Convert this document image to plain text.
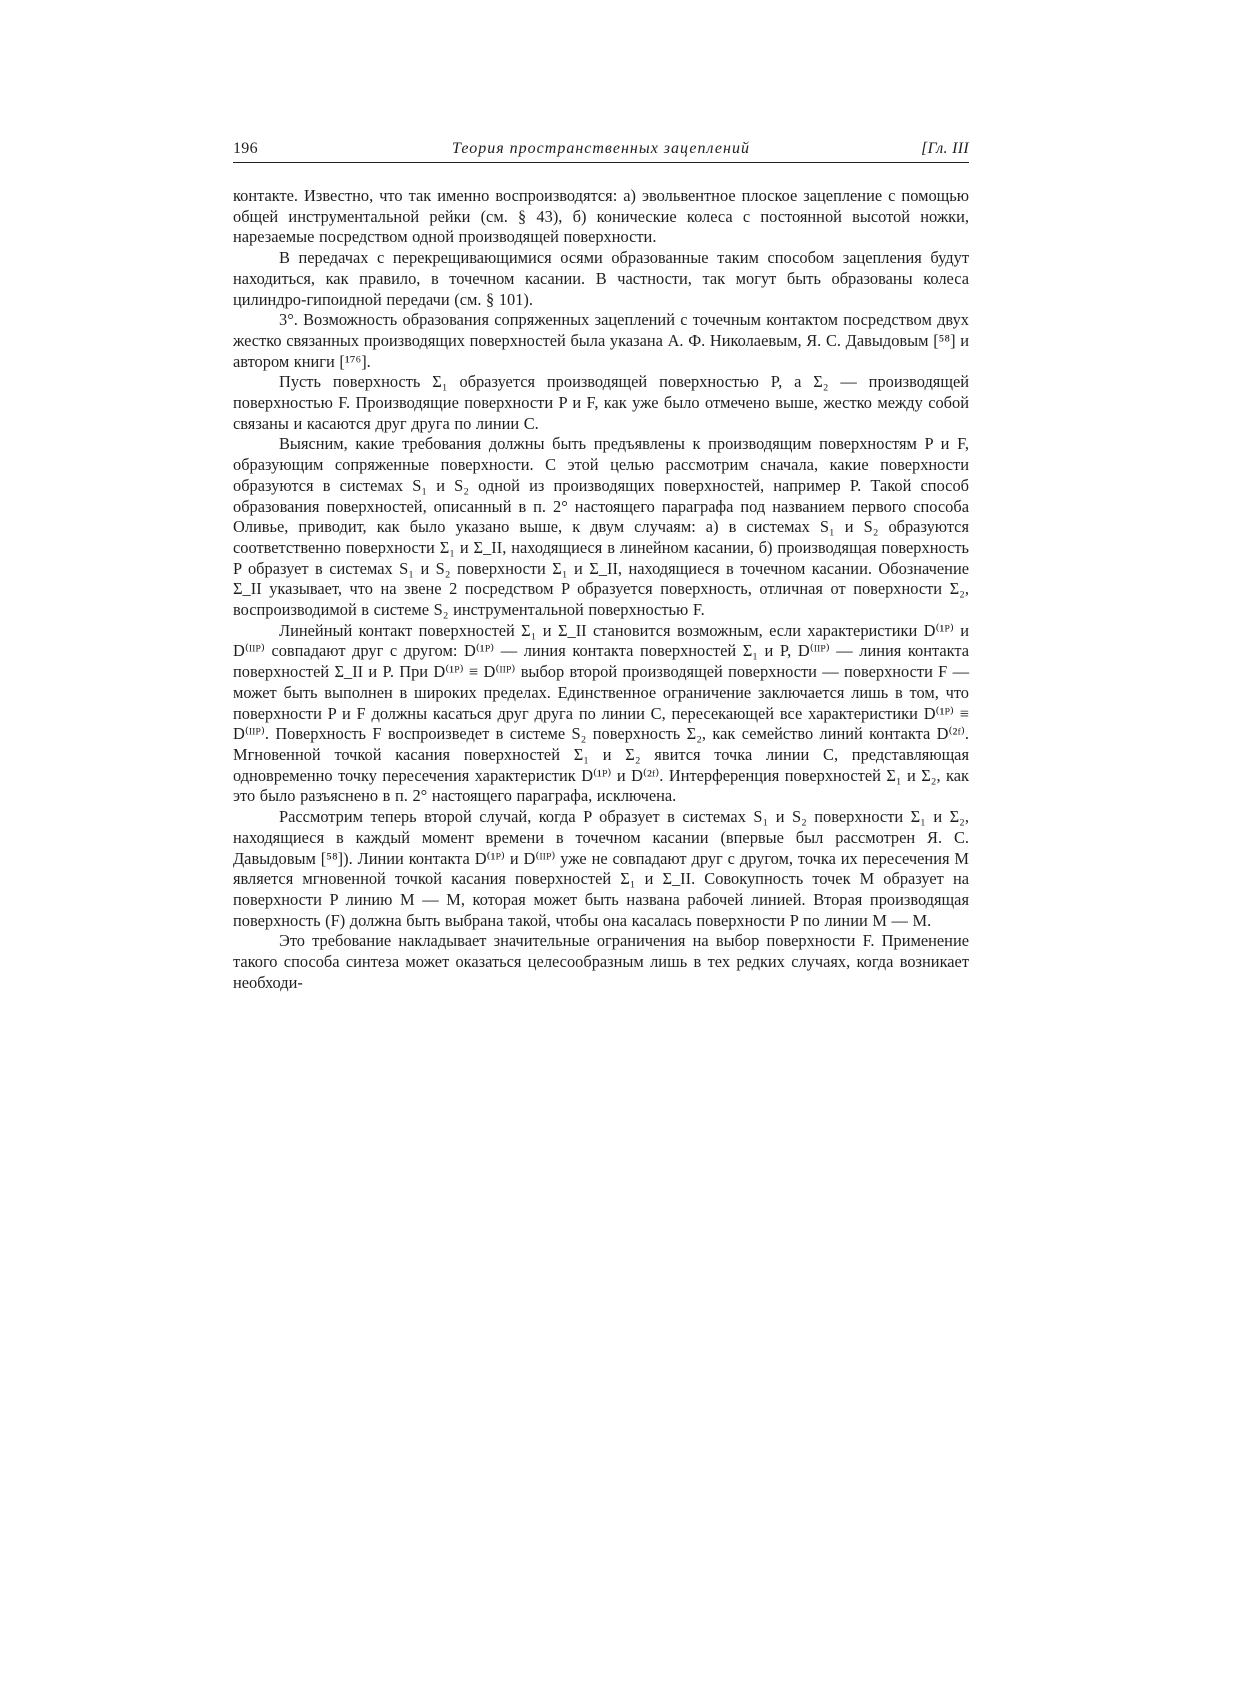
196	Теория пространственных зацеплений	[Гл. III

контакте. Известно, что так именно воспроизводятся: а) эвольвентное плоское зацепление с помощью общей инструментальной рейки (см. § 43), б) конические колеса с постоянной высотой ножки, нарезаемые посредством одной производящей поверхности.

В передачах с перекрещивающимися осями образованные таким способом зацепления будут находиться, как правило, в точечном касании. В частности, так могут быть образованы колеса цилиндро-гипоидной передачи (см. § 101).

3°. Возможность образования сопряженных зацеплений с точечным контактом посредством двух жестко связанных производящих поверхностей была указана А. Ф. Николаевым, Я. С. Давыдовым [⁵⁸] и автором книги [¹⁷⁶].

Пусть поверхность Σ₁ образуется производящей поверхностью P, а Σ₂ — производящей поверхностью F. Производящие поверхности P и F, как уже было отмечено выше, жестко между собой связаны и касаются друг друга по линии C.

Выясним, какие требования должны быть предъявлены к производящим поверхностям P и F, образующим сопряженные поверхности. С этой целью рассмотрим сначала, какие поверхности образуются в системах S₁ и S₂ одной из производящих поверхностей, например P. Такой способ образования поверхностей, описанный в п. 2° настоящего параграфа под названием первого способа Оливье, приводит, как было указано выше, к двум случаям: а) в системах S₁ и S₂ образуются соответственно поверхности Σ₁ и Σ_II, находящиеся в линейном касании, б) производящая поверхность P образует в системах S₁ и S₂ поверхности Σ₁ и Σ_II, находящиеся в точечном касании. Обозначение Σ_II указывает, что на звене 2 посредством P образуется поверхность, отличная от поверхности Σ₂, воспроизводимой в системе S₂ инструментальной поверхностью F.

Линейный контакт поверхностей Σ₁ и Σ_II становится возможным, если характеристики D⁽¹ᴾ⁾ и D⁽ᴵᴵᴾ⁾ совпадают друг с другом: D⁽¹ᴾ⁾ — линия контакта поверхностей Σ₁ и P, D⁽ᴵᴵᴾ⁾ — линия контакта поверхностей Σ_II и P. При D⁽¹ᴾ⁾ ≡ D⁽ᴵᴵᴾ⁾ выбор второй производящей поверхности — поверхности F — может быть выполнен в широких пределах. Единственное ограничение заключается лишь в том, что поверхности P и F должны касаться друг друга по линии C, пересекающей все характеристики D⁽¹ᴾ⁾ ≡ D⁽ᴵᴵᴾ⁾. Поверхность F воспроизведет в системе S₂ поверхность Σ₂, как семейство линий контакта D⁽²ᶠ⁾. Мгновенной точкой касания поверхностей Σ₁ и Σ₂ явится точка линии C, представляющая одновременно точку пересечения характеристик D⁽¹ᴾ⁾ и D⁽²ᶠ⁾. Интерференция поверхностей Σ₁ и Σ₂, как это было разъяснено в п. 2° настоящего параграфа, исключена.

Рассмотрим теперь второй случай, когда P образует в системах S₁ и S₂ поверхности Σ₁ и Σ₂, находящиеся в каждый момент времени в точечном касании (впервые был рассмотрен Я. С. Давыдовым [⁵⁸]). Линии контакта D⁽¹ᴾ⁾ и D⁽ᴵᴵᴾ⁾ уже не совпадают друг с другом, точка их пересечения M является мгновенной точкой касания поверхностей Σ₁ и Σ_II. Совокупность точек M образует на поверхности P линию M — M, которая может быть названа рабочей линией. Вторая производящая поверхность (F) должна быть выбрана такой, чтобы она касалась поверхности P по линии M — M.

Это требование накладывает значительные ограничения на выбор поверхности F. Применение такого способа синтеза может оказаться целесообразным лишь в тех редких случаях, когда возникает необходи-
